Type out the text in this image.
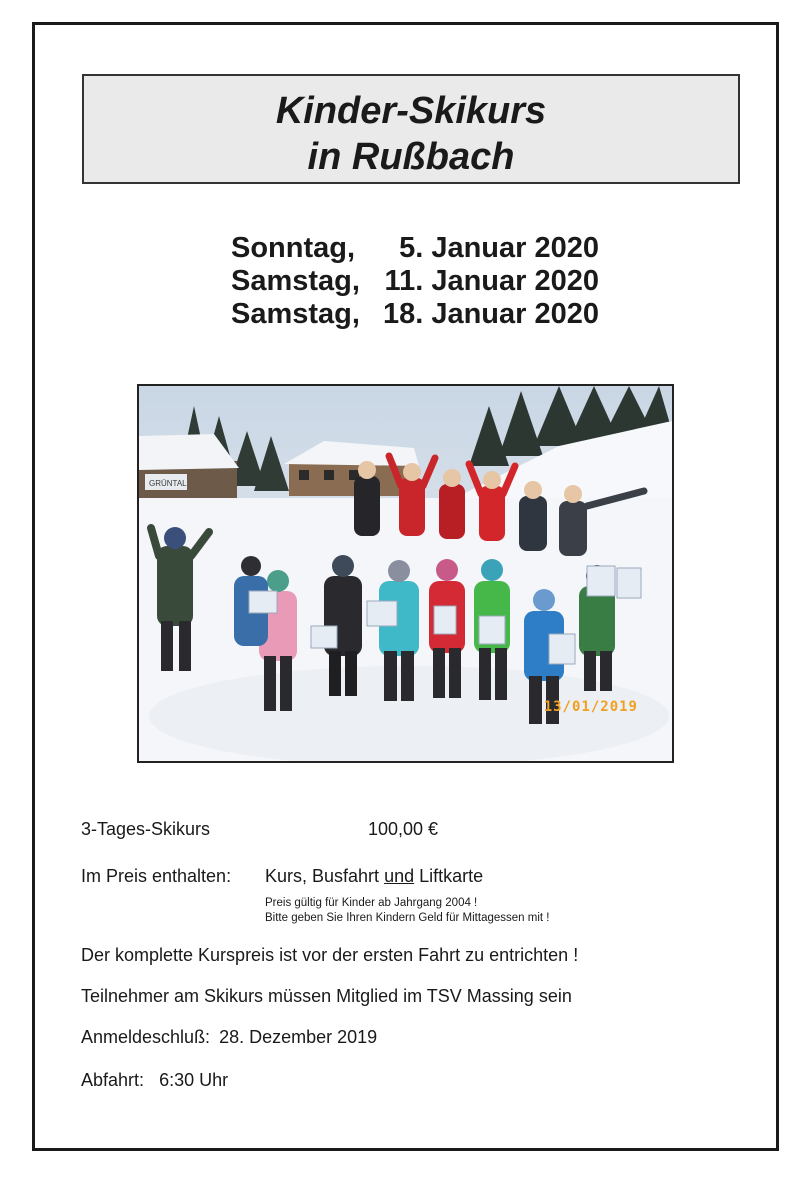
Kinder-Skikurs
in Rußbach
Sonntag,	5. Januar 2020
Samstag, 11. Januar 2020
Samstag, 18. Januar 2020
GRÜNTAL
13/01/2019
3-Tages-Skikurs	100,00 €
Im Preis enthalten: Kurs, Busfahrt und Liftkarte
Preis gültig für Kinder ab Jahrgang 2004 !
Bitte geben Sie Ihren Kindern Geld für Mittagessen mit !
Der komplette Kurspreis ist vor der ersten Fahrt zu entrichten !
Teilnehmer am Skikurs müssen Mitglied im TSV Massing sein
Anmeldeschluß: 28. Dezember 2019
Abfahrt: 6:30 Uhr
